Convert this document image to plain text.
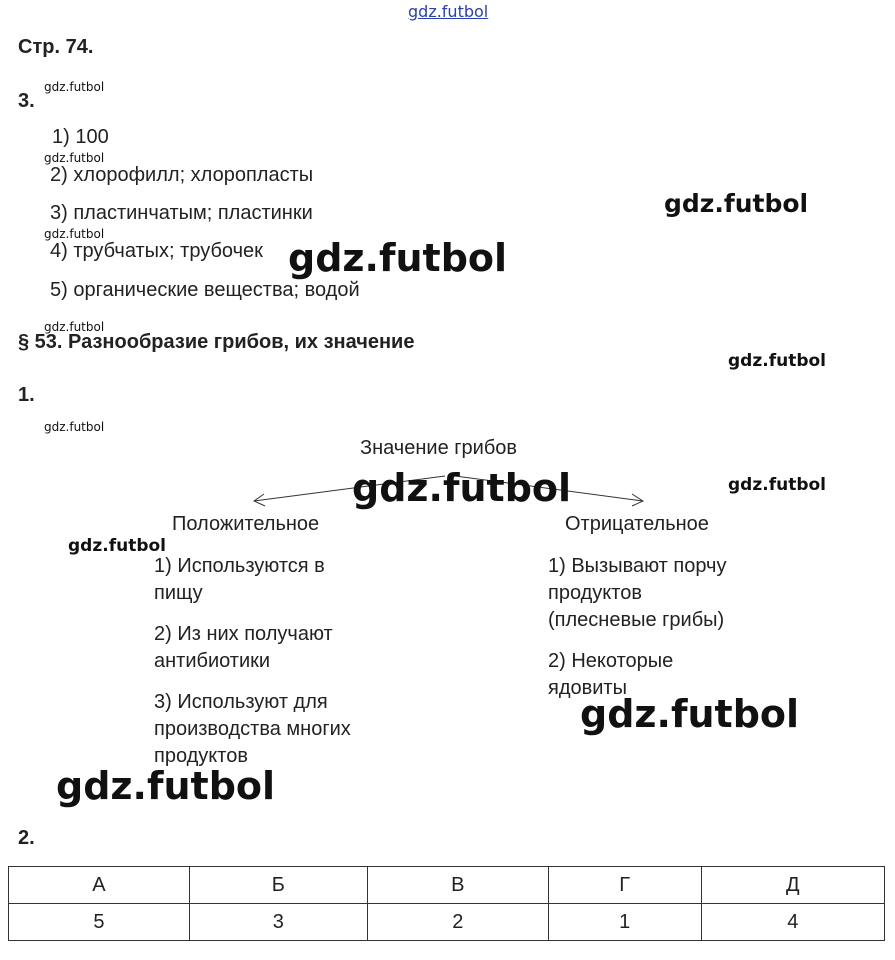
gdz.futbol
Стр. 74.
gdz.futbol
3.
1) 100
gdz.futbol
2) хлорофилл; хлоропласты
3) пластинчатым; пластинки
gdz.futbol
4) трубчатых; трубочек
5) органические вещества; водой
gdz.futbol
gdz.futbol
gdz.futbol
§ 53. Разнообразие грибов, их значение
gdz.futbol
1.
gdz.futbol
Значение грибов
gdz.futbol	gdz.futbol
Положительное	Отрицательное
gdz.futbol
1) Используются в пищу
2) Из них получают антибиотики
3) Используют для производства многих продуктов
1) Вызывают порчу продуктов (плесневые грибы)
2) Некоторые ядовиты
gdz.futbol
gdz.futbol
2.
А	Б	В	Г	Д
5	3	2	1	4
